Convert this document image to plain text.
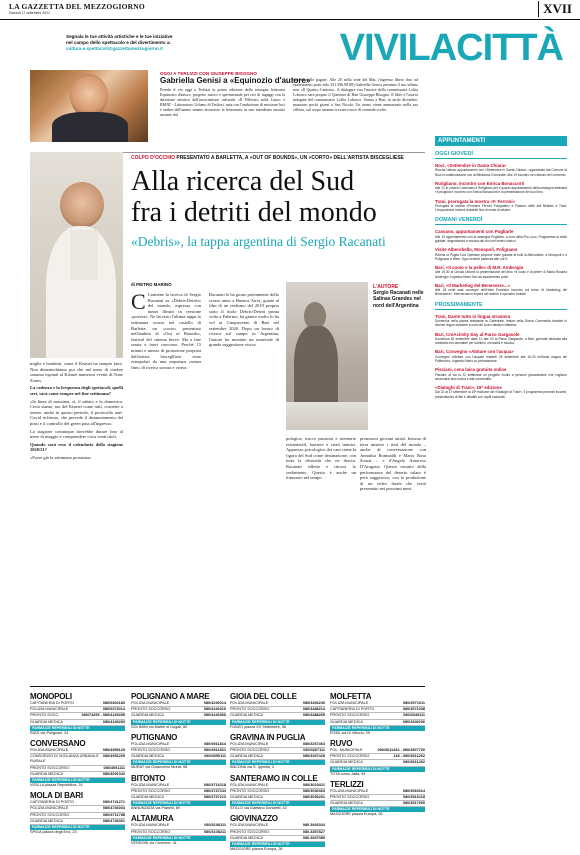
LA GAZZETTA DEL MEZZOGIORNO
Giovedì 17 settembre 2021	XVII
Segnala le tue attività artistiche e le tue iniziative
nel campo dello spettacolo e del divertimento a:
cultura.e.spettacoli@gazzettamezzogiorno.it	VIVILACITTÀ
OGGI A TERLIZZI CON GIUSEPPE BISOGNO
Gabriella Genisi a «Equinozio d'autore»
Prende il via oggi a Terlizzi la prima edizione della rassegna letteraria Equinozio d'autore, progetto nuovo e sperimentale per reti di ingaggi con la direzione artistica dell'associazione culturale «Il Pifferaio sulla Luna» e BMAT - Laboratorio Urbano di Terlizzi, nata con l'ambizione di mostrare luci e ombre dell'animo umano attraverso la letteratura, in uno meridiano astratto assunto dal
rumore delle pagine. Alle 20 nella sede del Mat, (ingresso libero fino ad esaurimento posti info 331.396.98.80) Gabriella Genisi presenta il suo ultimo noir «Il Quattro Cantoni». A dialogare con l'autrice della commissaria Lolita Lobosco sarà proprio il Questore di Bari Giuseppe Bisogno. Il libro è l'ottava indagine del commissario Lolita Lobosco. Siamo a Bari, in tardo dicembre, mancano pochi giorni a San Nicola. Un uomo viene ammazzato nella sua villetta, sul corpo saranno trovate tracce di cremede scelto.
COLPO D'OCCHIO PRESENTATO A BARLETTA, A «OUT OF BOUNDS», UN «CORTO» DELL'ARTISTA BISCEGLIESE
Alla ricerca del Sud
fra i detriti del mondo
«Debris», la tappa argentina di Sergio Racanati

miglie e bambini, come il Kismet ha sempre fatto. Non dimentichiamo poi che nel mese di ottobre saranno ospitati al Kismet numerosi eventi di Time Zones.

La cadenza e la frequenza degli spettacoli, quelli seri, sarà come sempre nel fine settimana?

«In linea di massima, sì, il sabato e la domenica. Certo siamo, noi del Kismet come tutti, costrette a tenere, anche in questo periodo, il protocollo anti-Covid richiesto, che prevede il distanziamento dei posti e il controllo del green pass all'ingresso.

La stagione comunque dovrebbe durare fino al mese di maggio e comprendere circa venti titoli.

Quando sarà reso il calendario della stagione 2020/21?

«Forse già la settimana prossima».

di PIETRO MARINO
C Contiene la ricerca di Sergio Racanati su «Debris-Detriti» del mondo, espressa con mezzi filmici in versione «povera». Ne ha visto l'ultima tappa lo settimana scorsa nel castello di Barletta: un «corto» presentato nell'ambito di «Out of Bounds», festival del cinema breve. Ma a fine serata e fuori concorso. Perché 15 minuti e mezzo di proiezione proposti dall'artista bisceglliese sono estrapolati da una sequenza «senza fine» di ricerca sonora e visiva.
Racanati le ha girato prettamente dello scorso anno a Buenos Aires, grazie al film di un realismo del 2019 proprio sotto il titolo Debris-Detriti prima volta a Palermo, ha giunto molto lo ha vol ai Cinquecento di Bari nel settembre 2020. Dopo un lavoro di ricerca sul campo in Argentina, l'autore ha montato un materiale di grande suggestione visiva.
L'AUTORE
Sergio Racanati nelle Salinas Grandes nel nord dell'Argentina
pologica, tracce passioni e memorie esistenziali, barriere e vitali immisi. Apprezzo psicologico dei cani come la figura del Sud come destinazione, con tutta la diversità che ne deriva. Racanati riflette e ritrova lo svelamento. Questo è anche un itinerario nel tempo.
promuove giovani artisti. Intorno di terra mistero i testi del mondo – anche di conversazione con Annalisa Romualdi e Mario Rosa Sossai – e d'Angelo Amoroso D'Aragona. Questo estratto della performance del deserto salato è però suggestivo, con la produzione di un video finale che verrà presentato nei prossimi mesi.
MONOPOLI
CAPITANERIA DI PORTO	080/9302183
POLIZIA MUNICIPALE	080/9373014
PRONTO SOCC.	080/74295 - 080/4149285
GUARDIA MEDICA	080/4149283
FARMACIE REPERIBILI DI NOTTE
RIZZI via Polignani, 24
CONVERSANO
POLIZIA MUNICIPALE	080/4959129
CONSORZIO DI VIGILANZA URBANA E RURALE
080/4951209
PRONTO SOCCORSO	080/4091111
GUARDIA MEDICA	080/4091342
FARMACIE REPERIBILI DI NOTTE
VIGILLA piazza Repubblica, 24
MOLA DI BARI
CAPITANERIA DI PORTO	080/4741271
POLIZIA MUNICIPALE	080/4736034
PRONTO SOCCORSO	080/4711788
GUARDIA MEDICA	080/4736001
FARMACIE REPERIBILI DI NOTTE
SPIGA piazza degli Eroi, 23
POLIGNANO A MARE
POLIZIA MUNICIPALE	080/4240014
PRONTO SOCCORSO	080/4240310
GUARDIA MEDICA	080/4240366
FARMACIE REPERIBILI DI NOTTE
SOLIMINI via Martiri di Dogali, 60
PUTIGNANO
POLIZIA MUNICIPALE	080/4911814
PRONTO SOCCORSO	080/4911821
GUARDIA MEDICA	080/4050111
FARMACIE REPERIBILI DI NOTTE
MURAT via Gioacchino Murat, 98
BITONTO
POLIZIA MUNICIPALE	080/3716118
PRONTO SOCCORSO	080/3737244
GUARDIA MEDICA	080/3737213
FARMACIE REPERIBILI DI NOTTE
ANNUNZIATA via Planelli, 89
ALTAMURA
POLIZIA MUNICIPALE	080/3108111
PRONTO SOCCORSO	080/3108211
FARMACIE REPERIBILI DI NOTTE
VERDONI via Cicerone, 41
GIOIA DEL COLLE
POLIZIA MUNICIPALE	080/3494240
PRONTO SOCCORSO	080/3488214
GUARDIA MEDICA	080/3488265
FARMACIE REPERIBILI DI NOTTE
FUNZO piazza XX Settembre, 56
GRAVINA IN PUGLIA
POLIZIA MUNICIPALE	080/3267463
PRONTO SOCCORSO	080/3267111
GUARDIA MEDICA	080/3267428
FARMACIE REPERIBILI DI NOTTE
ANCONA via S. Ippolito, 2
SANTERAMO IN COLLE
POLIZIA MUNICIPALE	080/3023421
PRONTO SOCCORSO	080/3036363
GUARDIA MEDICA	080/3036201
FARMACIE REPERIBILI DI NOTTE
STILLO via Gaetano Donizetti, 42
GIOVINAZZO
POLIZIA MUNICIPALE	080.3942034
PRONTO SOCCORSO	080.3357827
GUARDIA MEDICA	080.3947089
FARMACIE REPERIBILI DI NOTTE
MAGGIORE piazza Europa, 26
MOLFETTA
POLIZIA MUNICIPALE	080/3971011
CAPITANERIA DI PORTO	080/3971038
PRONTO SOCCORSO	080/3349111
GUARDIA MEDICA	080/3349206
FARMACIE REPERIBILI DI NOTTE
EGIDI via Di Vittorio, 29
RUVO
POL. MUNICIPALE	080/3611444 - 080/3607700
PRONTO SOCCORSO	118 - 080/3611262
GUARDIA MEDICA	080/3611262
FARMACIE REPERIBILI DI NOTTE
TOTA corso Jatta, 54
TERLIZZI
POLIZIA MUNICIPALE	080/3516614
PRONTO SOCCORSO	080/3516118
GUARDIA MEDICA	080/3517900
FARMACIE REPERIBILI DI NOTTE
MAGGIORE piazza Europa, 26
APPUNTAMENTI
OGGI GIOVEDÌ
Noci, «Settembre in Santa Chiara»
Ritorna l'atteso appuntamento con «Settembre in Santa Chiara», organizzato dal Comune di Noci in collaborazione con la Biblioteca Comunale. Alle 19 incontro nel chiostro del convento.
Rutigliano, incontro con Enrica Bonaccorti
Alle 21 in piazza Colamussi a Rutigliano per il quarto appuntamento della rassegna letteraria «Il prugnolo» incontro con Enrica Bonaccorti e la presentazione del suo libro.
Trani, prorogata la mostra «F. Ferroni»
Prorogata la mostra «Fernand Ferroni Fotografie» a Palazzo delle Arti Beltrani a Trani. L'esposizione resterà visitabile fino al mese di ottobre.
DOMANI VENERDÌ
Cassano, appuntamenti con Pugliarte
Alle 19 appuntamento con la rassegna Pugliarte, a cura della Pro Loco. Programma di visite guidate, degustazioni e musica dal vivo nel centro storico.
Visite Alberobello, Monopoli, Polignano
Ritorna la Puglia Tour Operator propone visite guidate ai trulli di Alberobello, a Monopoli e a Polignano a Mare. Ogni venerdì partenza alle ore 9.
Bari, «Il cuoio e la pelle» di M.R. Ambrogio
Alle 19.30 al Circolo Unione la presentazione del libro «Il cuoio e la pelle» di Maria Rosaria Ambrogio. Ingresso libero fino ad esaurimento posti.
Bari, «Il Marketing del Benessere...»
Alle 18 nella sala convegni dell'Hotel Excelsior incontro sul tema «Il Marketing del Benessere». Interverranno esperti del settore e operatori turistici.
PROSSIMAMENTE
Trani, Dante tutto in lingua straniera
Domenica nella piazza antistante la Cattedrale, letture della Divina Commedia tradotte in diverse lingue straniere a cura del Liceo classico cittadino.
Bari, CreActivity Day al Parco Gargasole
Domenica 26 settembre dalle 10 alle 20 al Parco Gargasole, a Bari, giornata dedicata alla creatività con laboratori per bambini, mercatini e musica.
Bari, Convegno «Abitare con l'acqua»
Convegno «Abitare con l'acqua» martedì 28 settembre alle 16.30 nell'aula magna del Politecnico. Ingresso libero su prenotazione.
Pisciani, cena laica gratuita online
Pisciani, al via la 22 settimana un progetto rivolto a persone giovanissime che vogliono avvicinarsi alla cucina e alla convivialità.
«Dialoghi di Trani», 19ª edizione
Dal 22 al 27 settembre la 19ª edizione dei «Dialoghi di Trani». Il programma prevede incontri, presentazioni di libri e dibattiti con ospiti nazionali.
